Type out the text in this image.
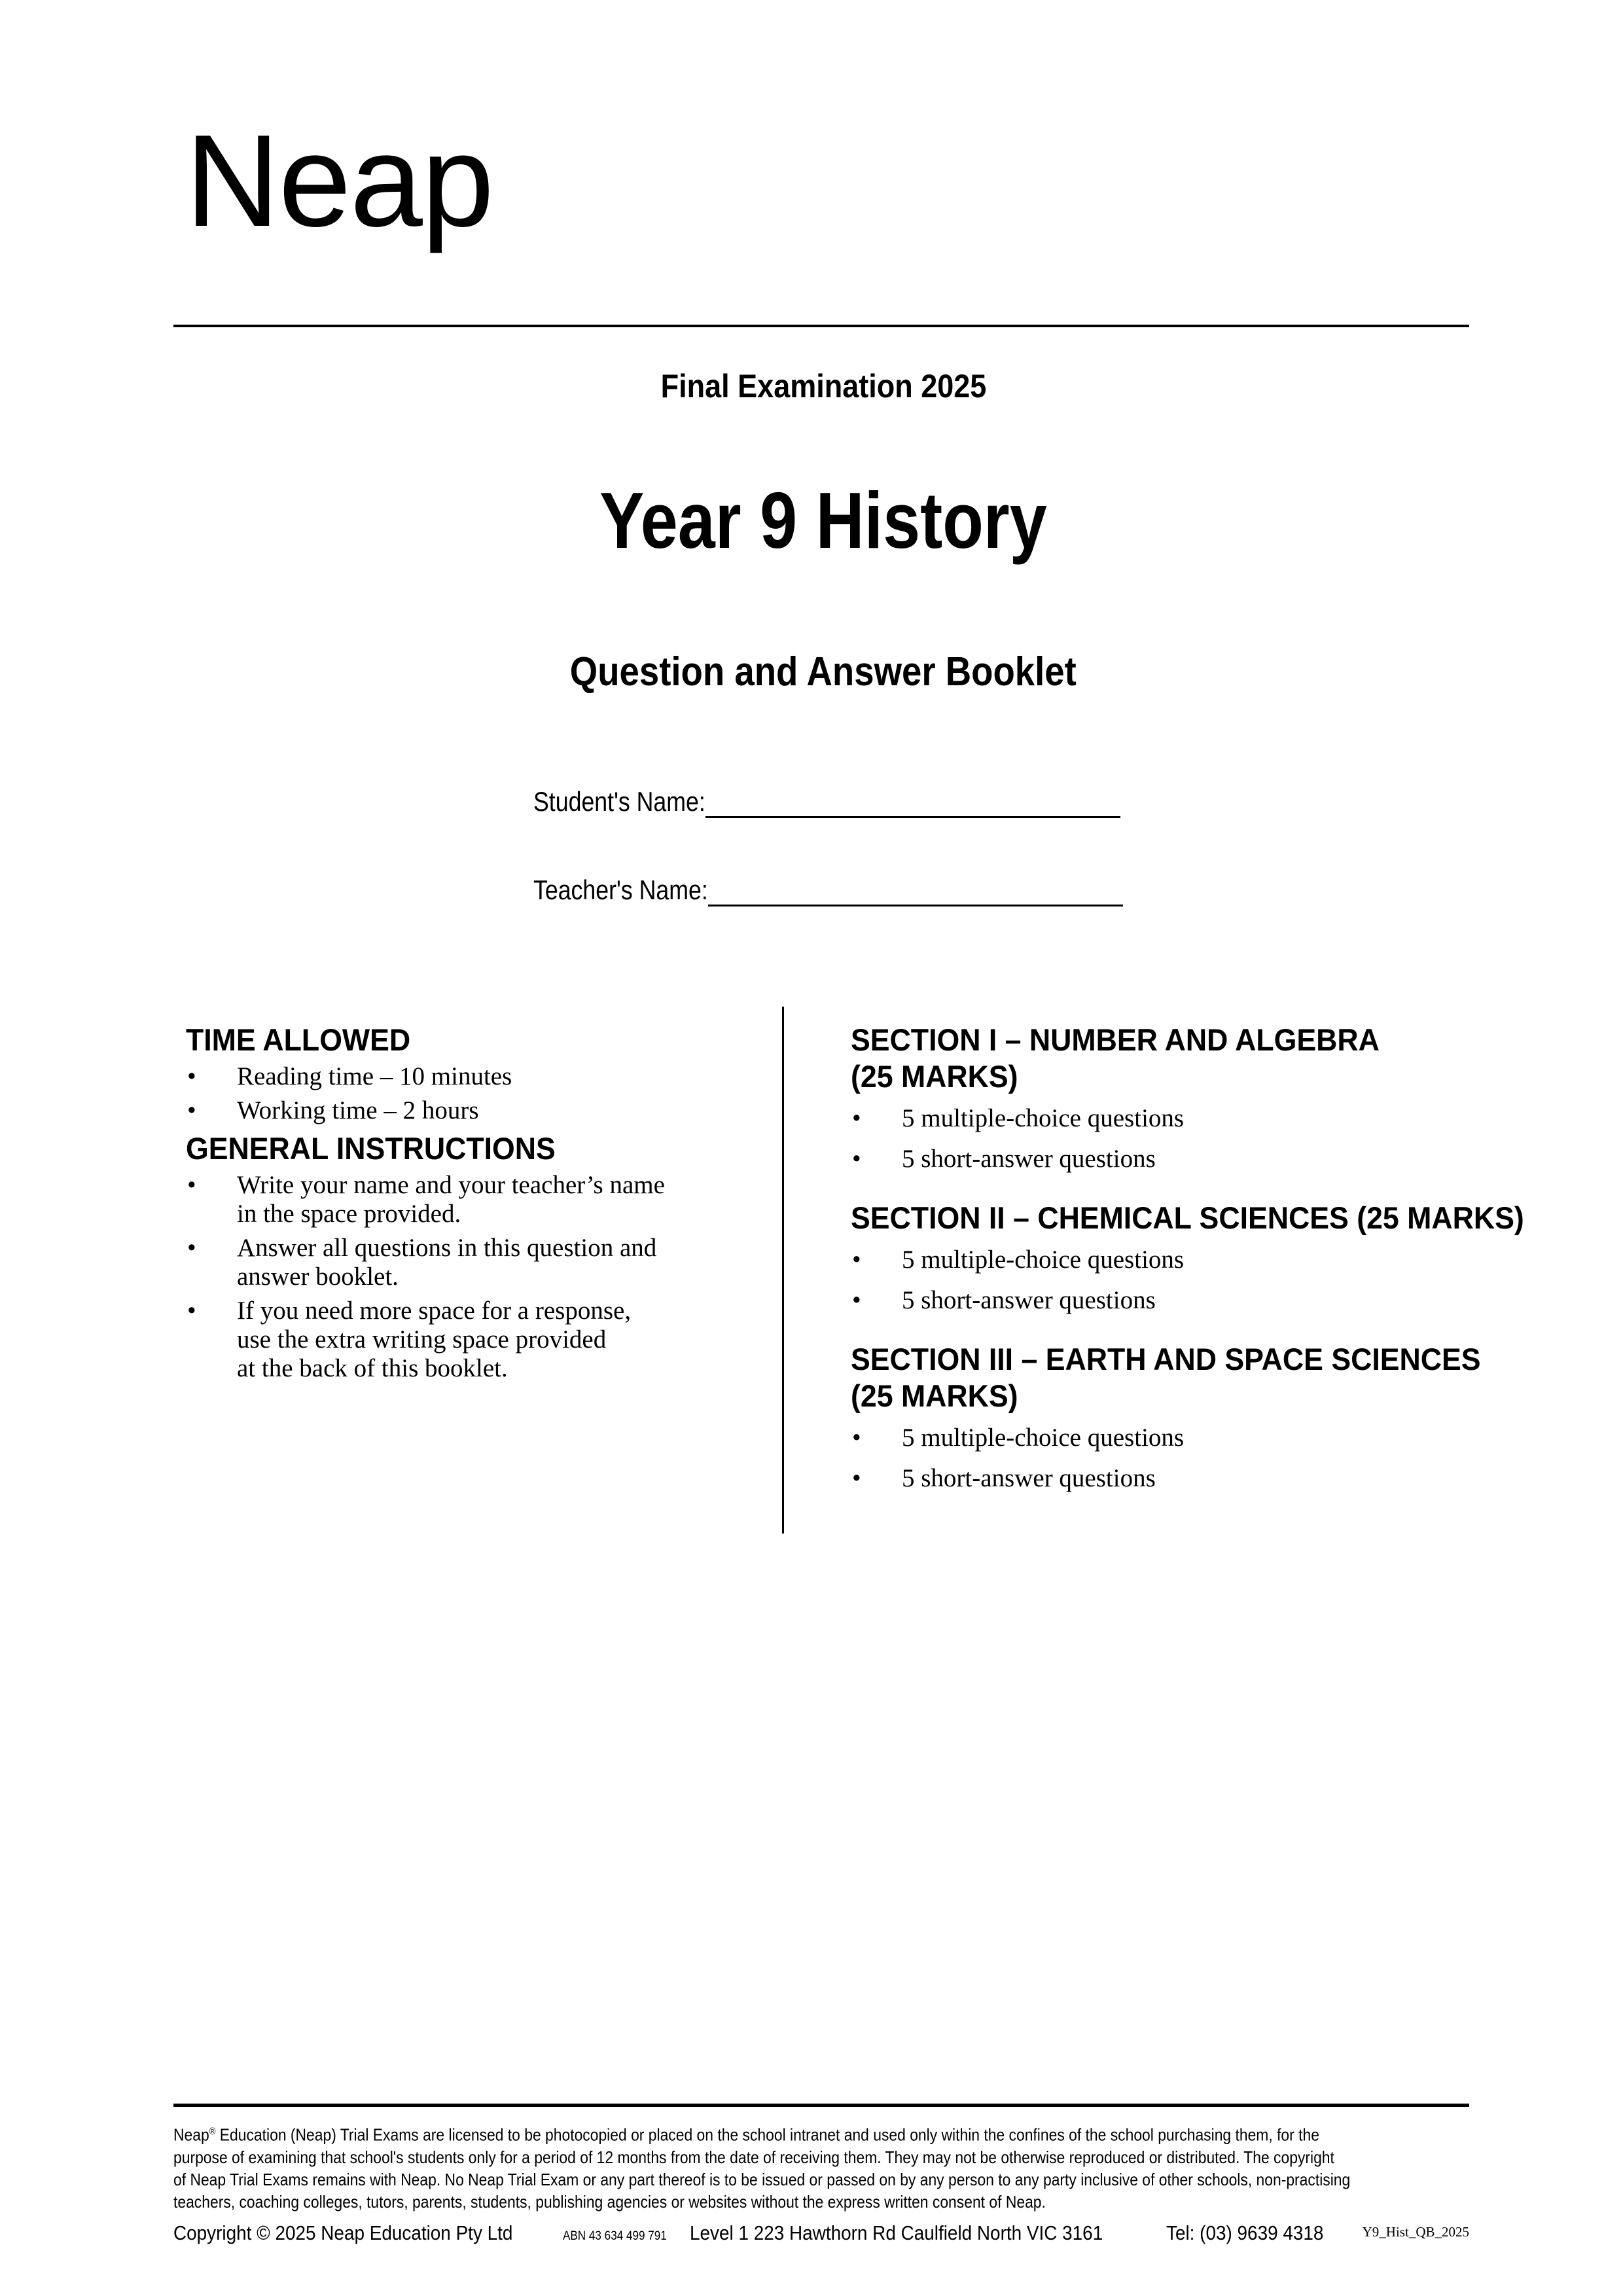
Neap
Final Examination 2025
Year 9 History
Question and Answer Booklet
Student's Name:
Teacher's Name:
TIME ALLOWED
•	Reading time – 10 minutes
•	Working time – 2 hours
GENERAL INSTRUCTIONS
•	Write your name and your teacher’s name
in the space provided.
•	Answer all questions in this question and
answer booklet.
•	If you need more space for a response,
use the extra writing space provided
at the back of this booklet.
SECTION I – NUMBER AND ALGEBRA
(25 MARKS)
•	5 multiple-choice questions
•	5 short-answer questions
SECTION II – CHEMICAL SCIENCES (25 MARKS)
•	5 multiple-choice questions
•	5 short-answer questions
SECTION III – EARTH AND SPACE SCIENCES
(25 MARKS)
•	5 multiple-choice questions
•	5 short-answer questions
Neap® Education (Neap) Trial Exams are licensed to be photocopied or placed on the school intranet and used only within the confines of the school purchasing them, for the
purpose of examining that school's students only for a period of 12 months from the date of receiving them. They may not be otherwise reproduced or distributed. The copyright
of Neap Trial Exams remains with Neap. No Neap Trial Exam or any part thereof is to be issued or passed on by any person to any party inclusive of other schools, non-practising
teachers, coaching colleges, tutors, parents, students, publishing agencies or websites without the express written consent of Neap.
Copyright © 2025 Neap Education Pty Ltd	ABN 43 634 499 791	Level 1 223 Hawthorn Rd Caulfield North VIC 3161	Tel: (03) 9639 4318	Y9_Hist_QB_2025
